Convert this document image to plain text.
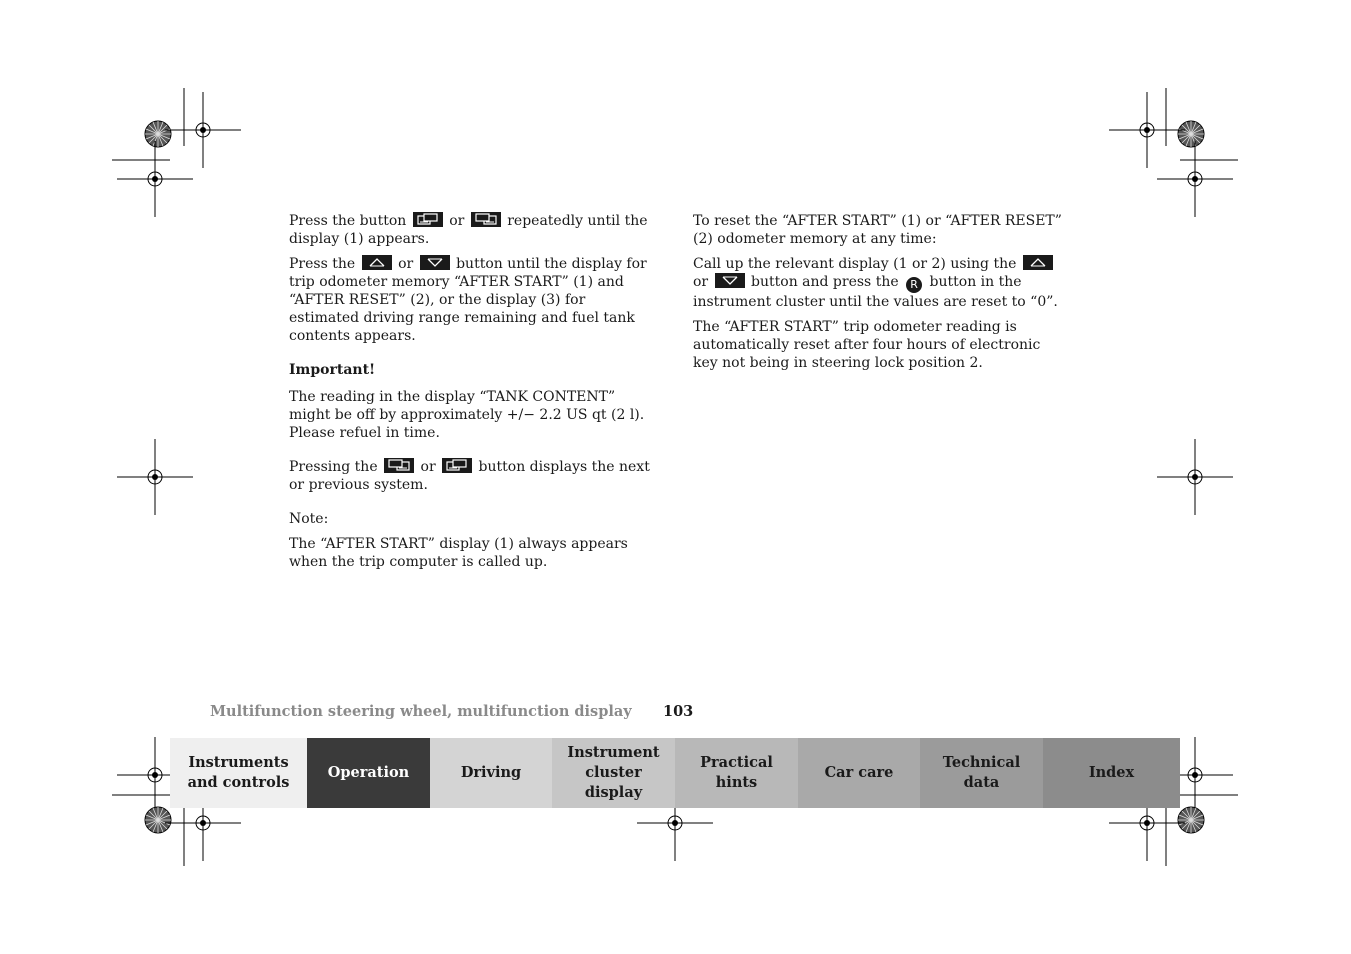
Press the button	or	repeatedly until the display (1) appears.

Press the	or	button until the display for trip odometer memory “AFTER START” (1) and “AFTER RESET” (2), or the display (3) for estimated driving range remaining and fuel tank contents appears.

Important!

The reading in the display “TANK CONTENT” might be off by approximately +/− 2.2 US qt (2 l). Please refuel in time.

Pressing the	or	button displays the next or previous system.

Note:

The “AFTER START” display (1) always appears when the trip computer is called up.

To reset the “AFTER START” (1) or “AFTER RESET” (2) odometer memory at any time:

Call up the relevant display (1 or 2) using the
or	button and press the R button in the instrument cluster until the values are reset to “0”.

The “AFTER START” trip odometer reading is automatically reset after four hours of electronic key not being in steering lock position 2.

Multifunction steering wheel, multifunction display 103
Instruments
and controls
Operation	Driving
Instrument
cluster display
Practical hints
Car care
Technical
data
Index
